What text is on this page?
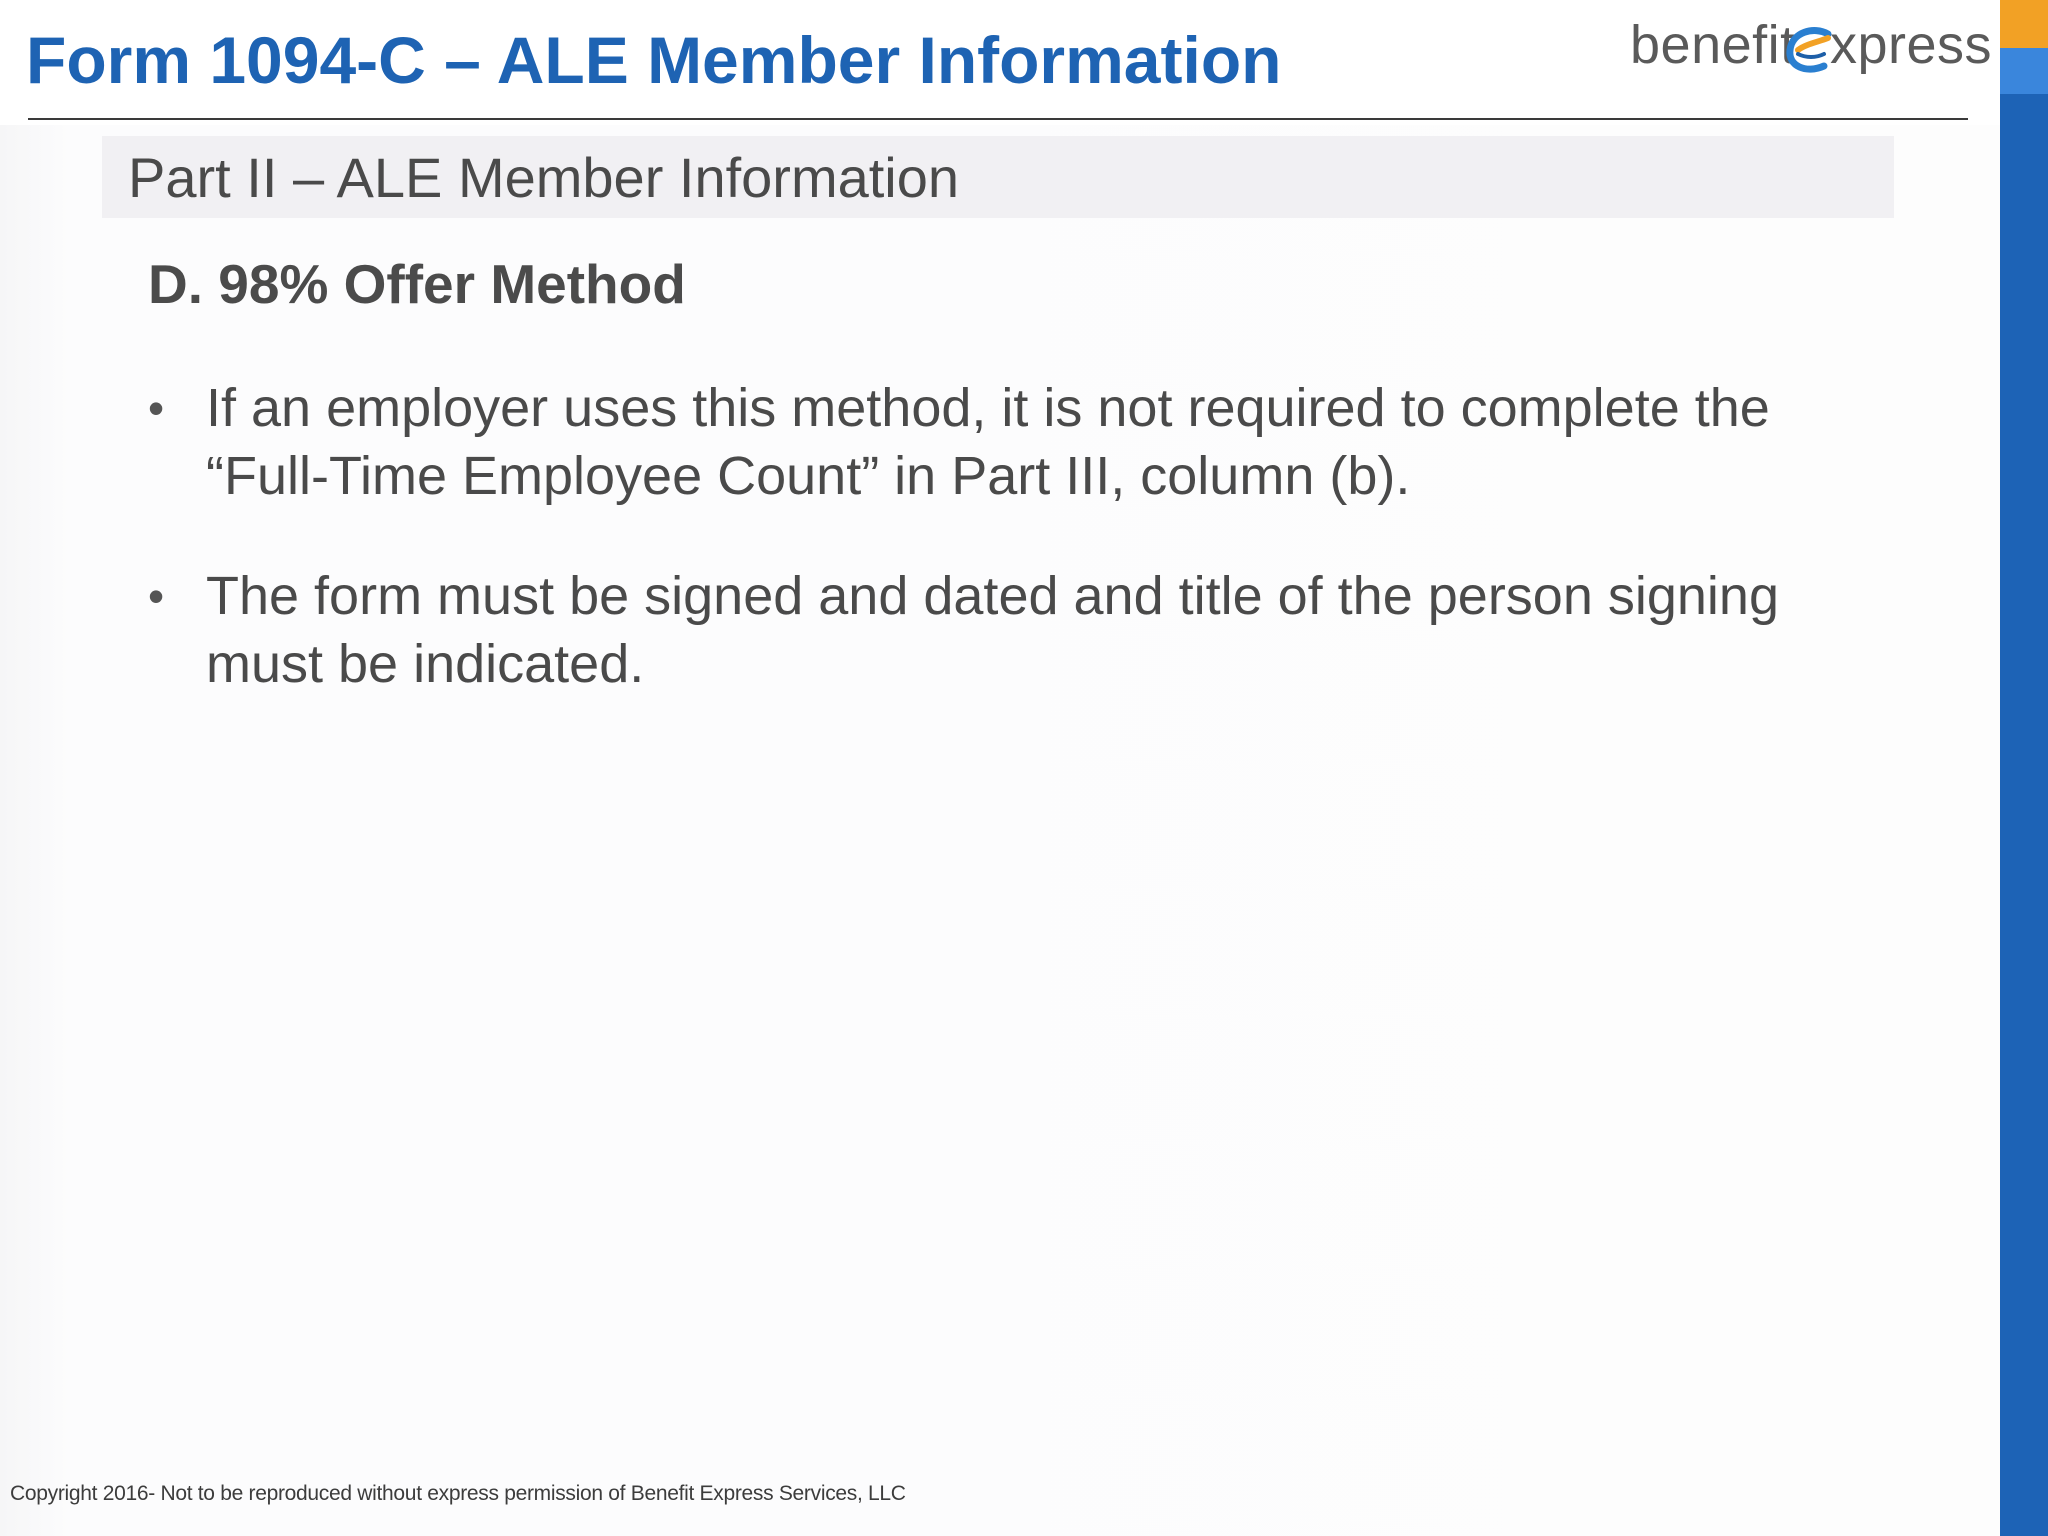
Form 1094-C – ALE Member Information	benefit xpress
Part II – ALE Member Information
D. 98% Offer Method
• If an employer uses this method, it is not required to complete the
“Full-Time Employee Count” in Part III, column (b).
• The form must be signed and dated and title of the person signing
must be indicated.
Copyright 2016- Not to be reproduced without express permission of Benefit Express Services, LLC
